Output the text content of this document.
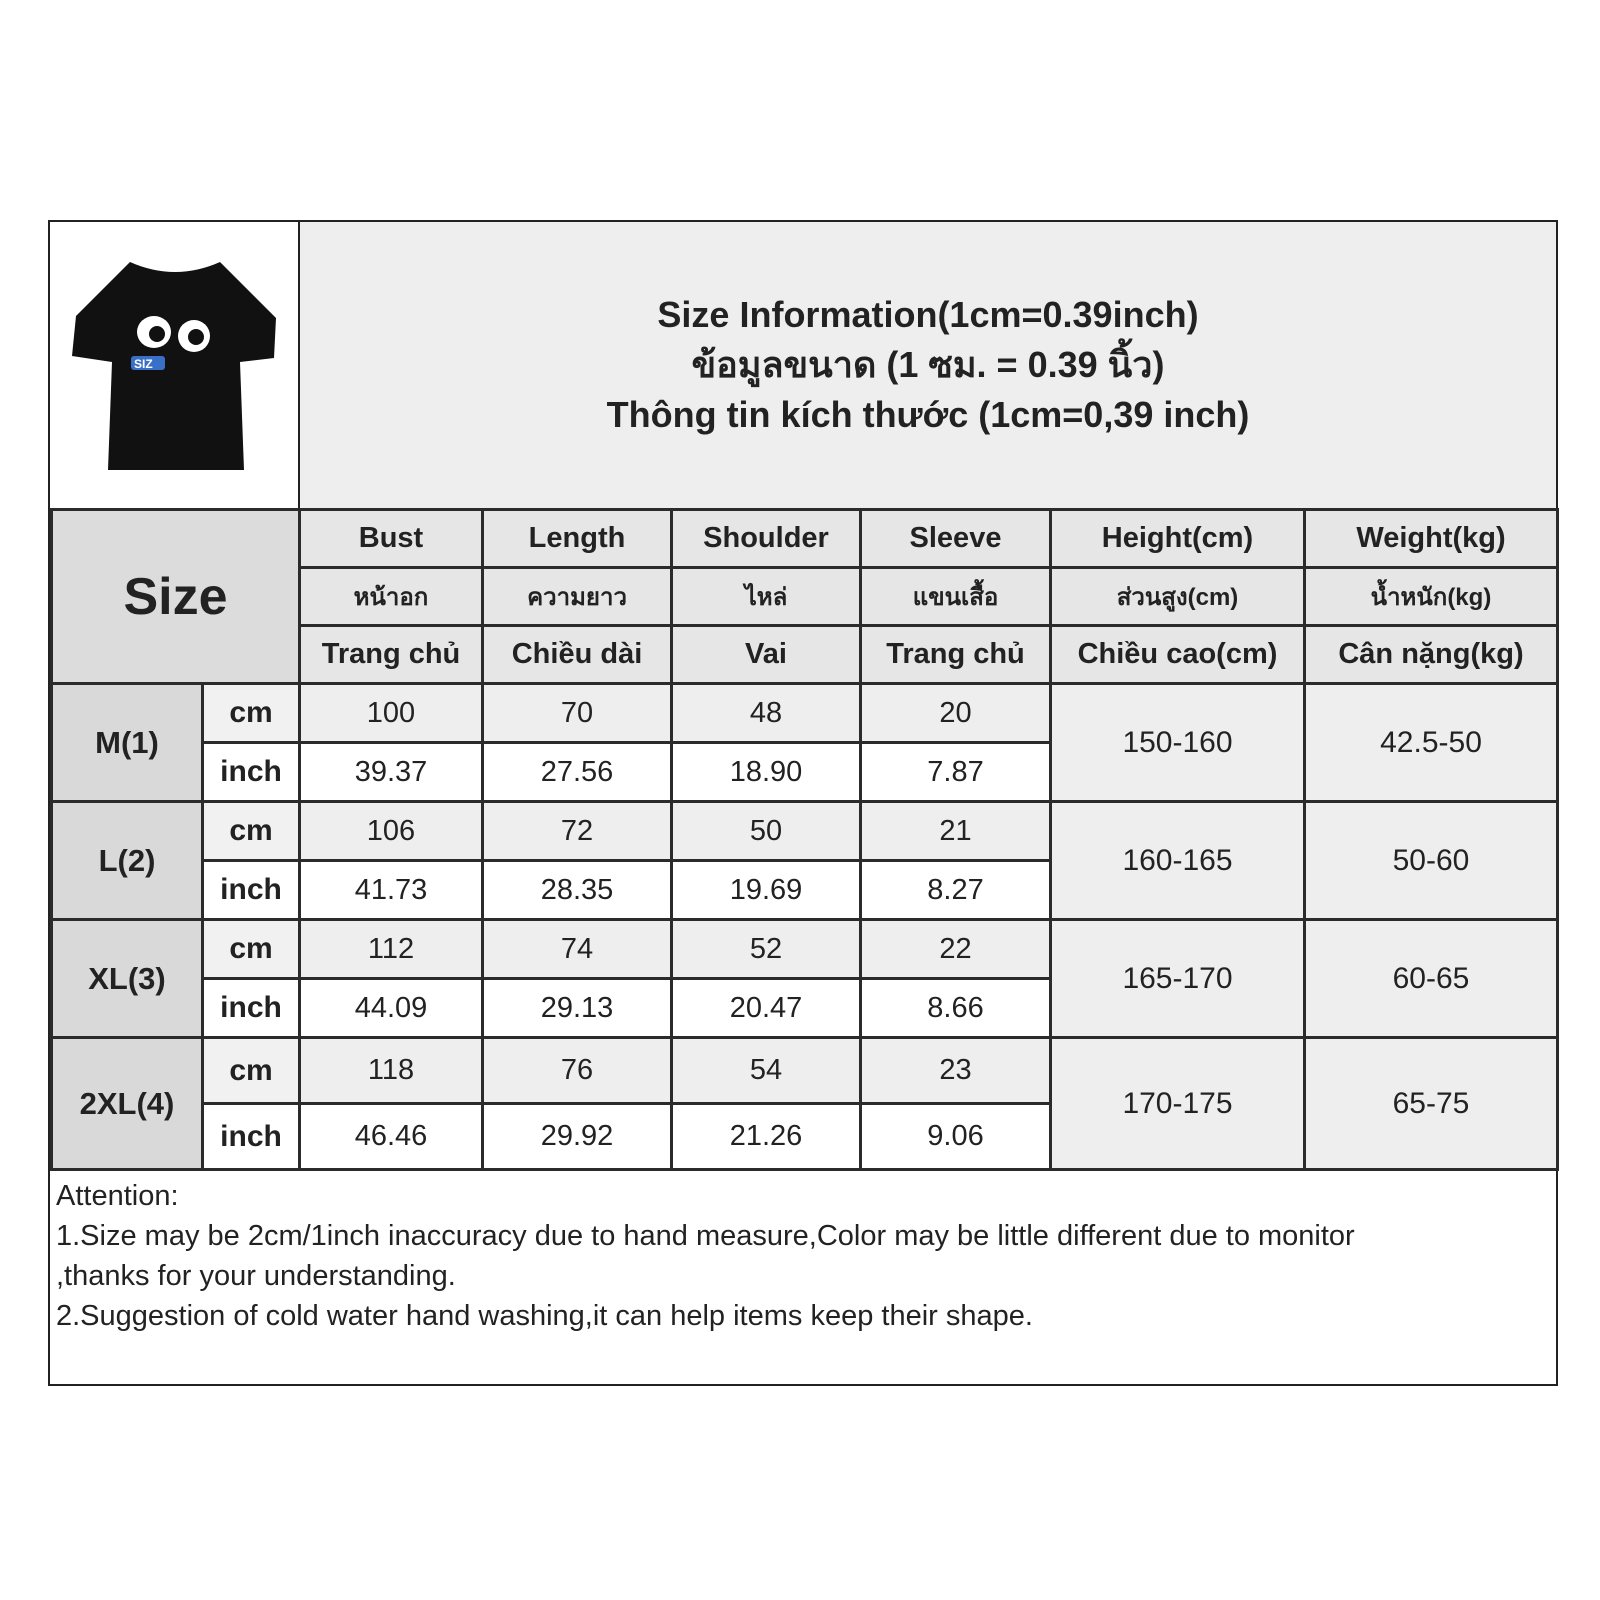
SIZ
Size Information(1cm=0.39inch)
ข้อมูลขนาด (1 ซม. = 0.39 นิ้ว)
Thông tin kích thước (1cm=0,39 inch)
Size		Bust	Length	Shoulder	Sleeve	Height(cm)	Weight(kg)
		หน้าอก	ความยาว	ไหล่	แขนเสื้อ	ส่วนสูง(cm)	น้ำหนัก(kg)
		Trang chủ	Chiều dài	Vai	Trang chủ	Chiều cao(cm)	Cân nặng(kg)
M(1)	cm	100	70	48	20	150-160	42.5-50
	inch	39.37	27.56	18.90	7.87		
L(2)	cm	106	72	50	21	160-165	50-60
	inch	41.73	28.35	19.69	8.27		
XL(3)	cm	112	74	52	22	165-170	60-65
	inch	44.09	29.13	20.47	8.66		
2XL(4)	cm	118	76	54	23	170-175	65-75
	inch	46.46	29.92	21.26	9.06		
Attention:
1.Size may be 2cm/1inch inaccuracy due to hand measure,Color may be little different due to monitor
,thanks for your understanding.
2.Suggestion of cold water hand washing,it can help items keep their shape.
